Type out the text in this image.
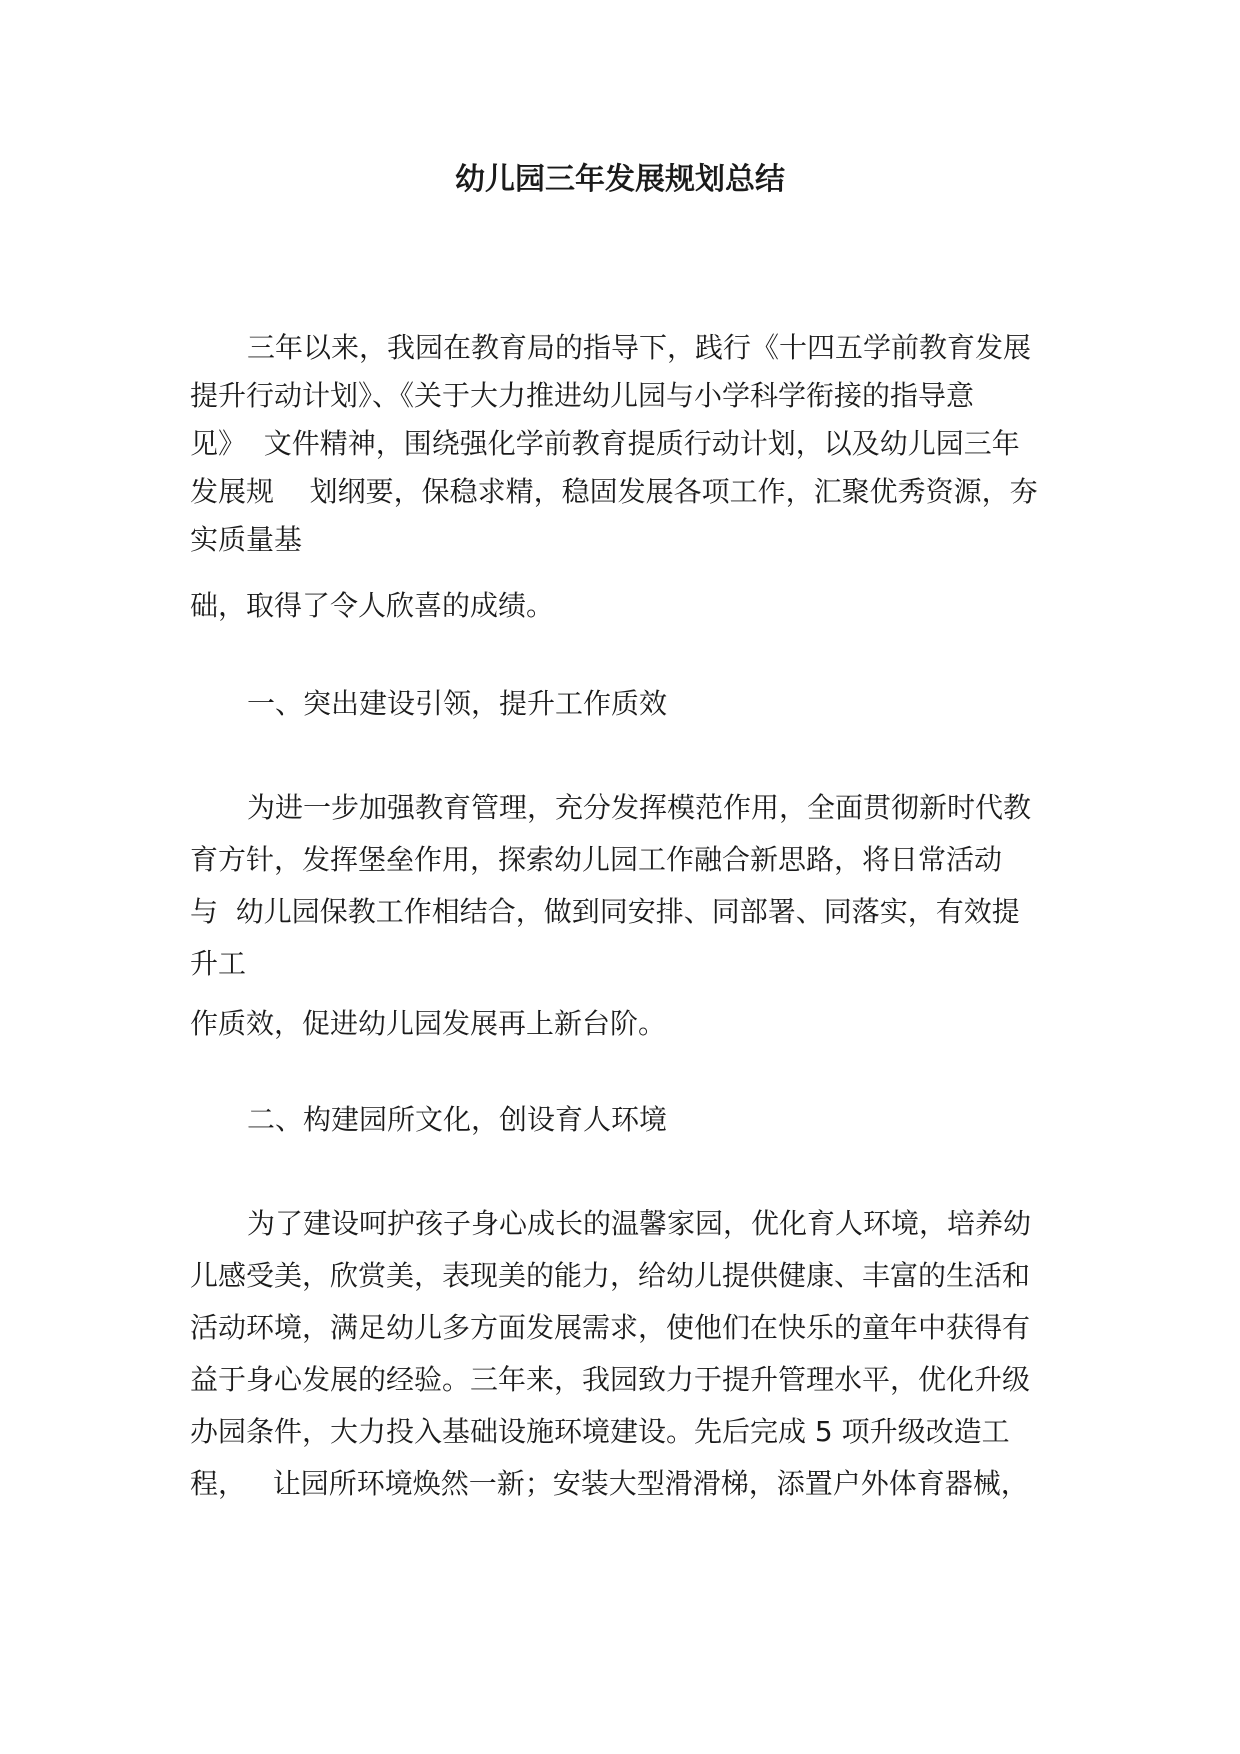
幼儿园三年发展规划总结
三年以来，我园在教育局的指导下，践行《十四五学前教育发展
提升行动计划》、《关于大力推进幼儿园与小学科学衔接的指导意
见》  文件精神，围绕强化学前教育提质行动计划，以及幼儿园三年
发展规    划纲要，保稳求精，稳固发展各项工作，汇聚优秀资源，夯
实质量基
础，取得了令人欣喜的成绩。
一、突出建设引领，提升工作质效
为进一步加强教育管理，充分发挥模范作用，全面贯彻新时代教
育方针，发挥堡垒作用，探索幼儿园工作融合新思路，将日常活动
与  幼儿园保教工作相结合，做到同安排、同部署、同落实，有效提
升工
作质效，促进幼儿园发展再上新台阶。
二、构建园所文化，创设育人环境
为了建设呵护孩子身心成长的温馨家园，优化育人环境，培养幼
儿感受美，欣赏美，表现美的能力，给幼儿提供健康、丰富的生活和
活动环境，满足幼儿多方面发展需求，使他们在快乐的童年中获得有
益于身心发展的经验。三年来，我园致力于提升管理水平，优化升级
办园条件，大力投入基础设施环境建设。先后完成 5 项升级改造工
程，   让园所环境焕然一新；安装大型滑滑梯，添置户外体育器械，
